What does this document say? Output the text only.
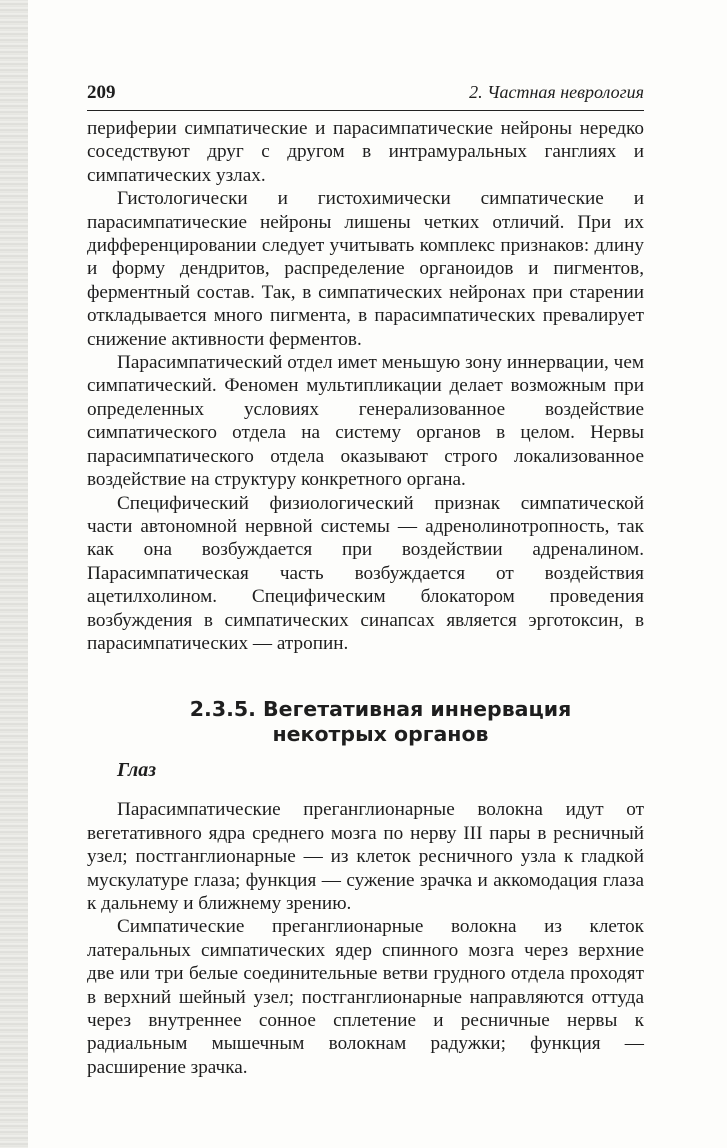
209	2. Частная неврология

периферии симпатические и парасимпатические нейроны нередко соседствуют друг с другом в интрамуральных ганглиях и симпатических узлах.

Гистологически и гистохимически симпатические и парасимпатические нейроны лишены четких отличий. При их дифференцировании следует учитывать комплекс признаков: длину и форму дендритов, распределение органоидов и пигментов, ферментный состав. Так, в симпатических нейронах при старении откладывается много пигмента, в парасимпатических превалирует снижение активности ферментов.

Парасимпатический отдел имет меньшую зону иннервации, чем симпатический. Феномен мультипликации делает возможным при определенных условиях генерализованное воздействие симпатического отдела на систему органов в целом. Нервы парасимпатического отдела оказывают строго локализованное воздействие на структуру конкретного органа.

Специфический физиологический признак симпатической части автономной нервной системы — адренолинотропность, так как она возбуждается при воздействии адреналином. Парасимпатическая часть возбуждается от воздействия ацетилхолином. Специфическим блокатором проведения возбуждения в симпатических синапсах является эрготоксин, в парасимпатических — атропин.

2.3.5. Вегетативная иннервация
некотрых органов
Глаз

Парасимпатические преганглионарные волокна идут от вегетативного ядра среднего мозга по нерву III пары в ресничный узел; постганглионарные — из клеток ресничного узла к гладкой мускулатуре глаза; функция — сужение зрачка и аккомодация глаза к дальнему и ближнему зрению.

Симпатические преганглионарные волокна из клеток латеральных симпатических ядер спинного мозга через верхние две или три белые соединительные ветви грудного отдела проходят в верхний шейный узел; постганглионарные направляются оттуда через внутреннее сонное сплетение и ресничные нервы к радиальным мышечным волокнам радужки; функция — расширение зрачка.
